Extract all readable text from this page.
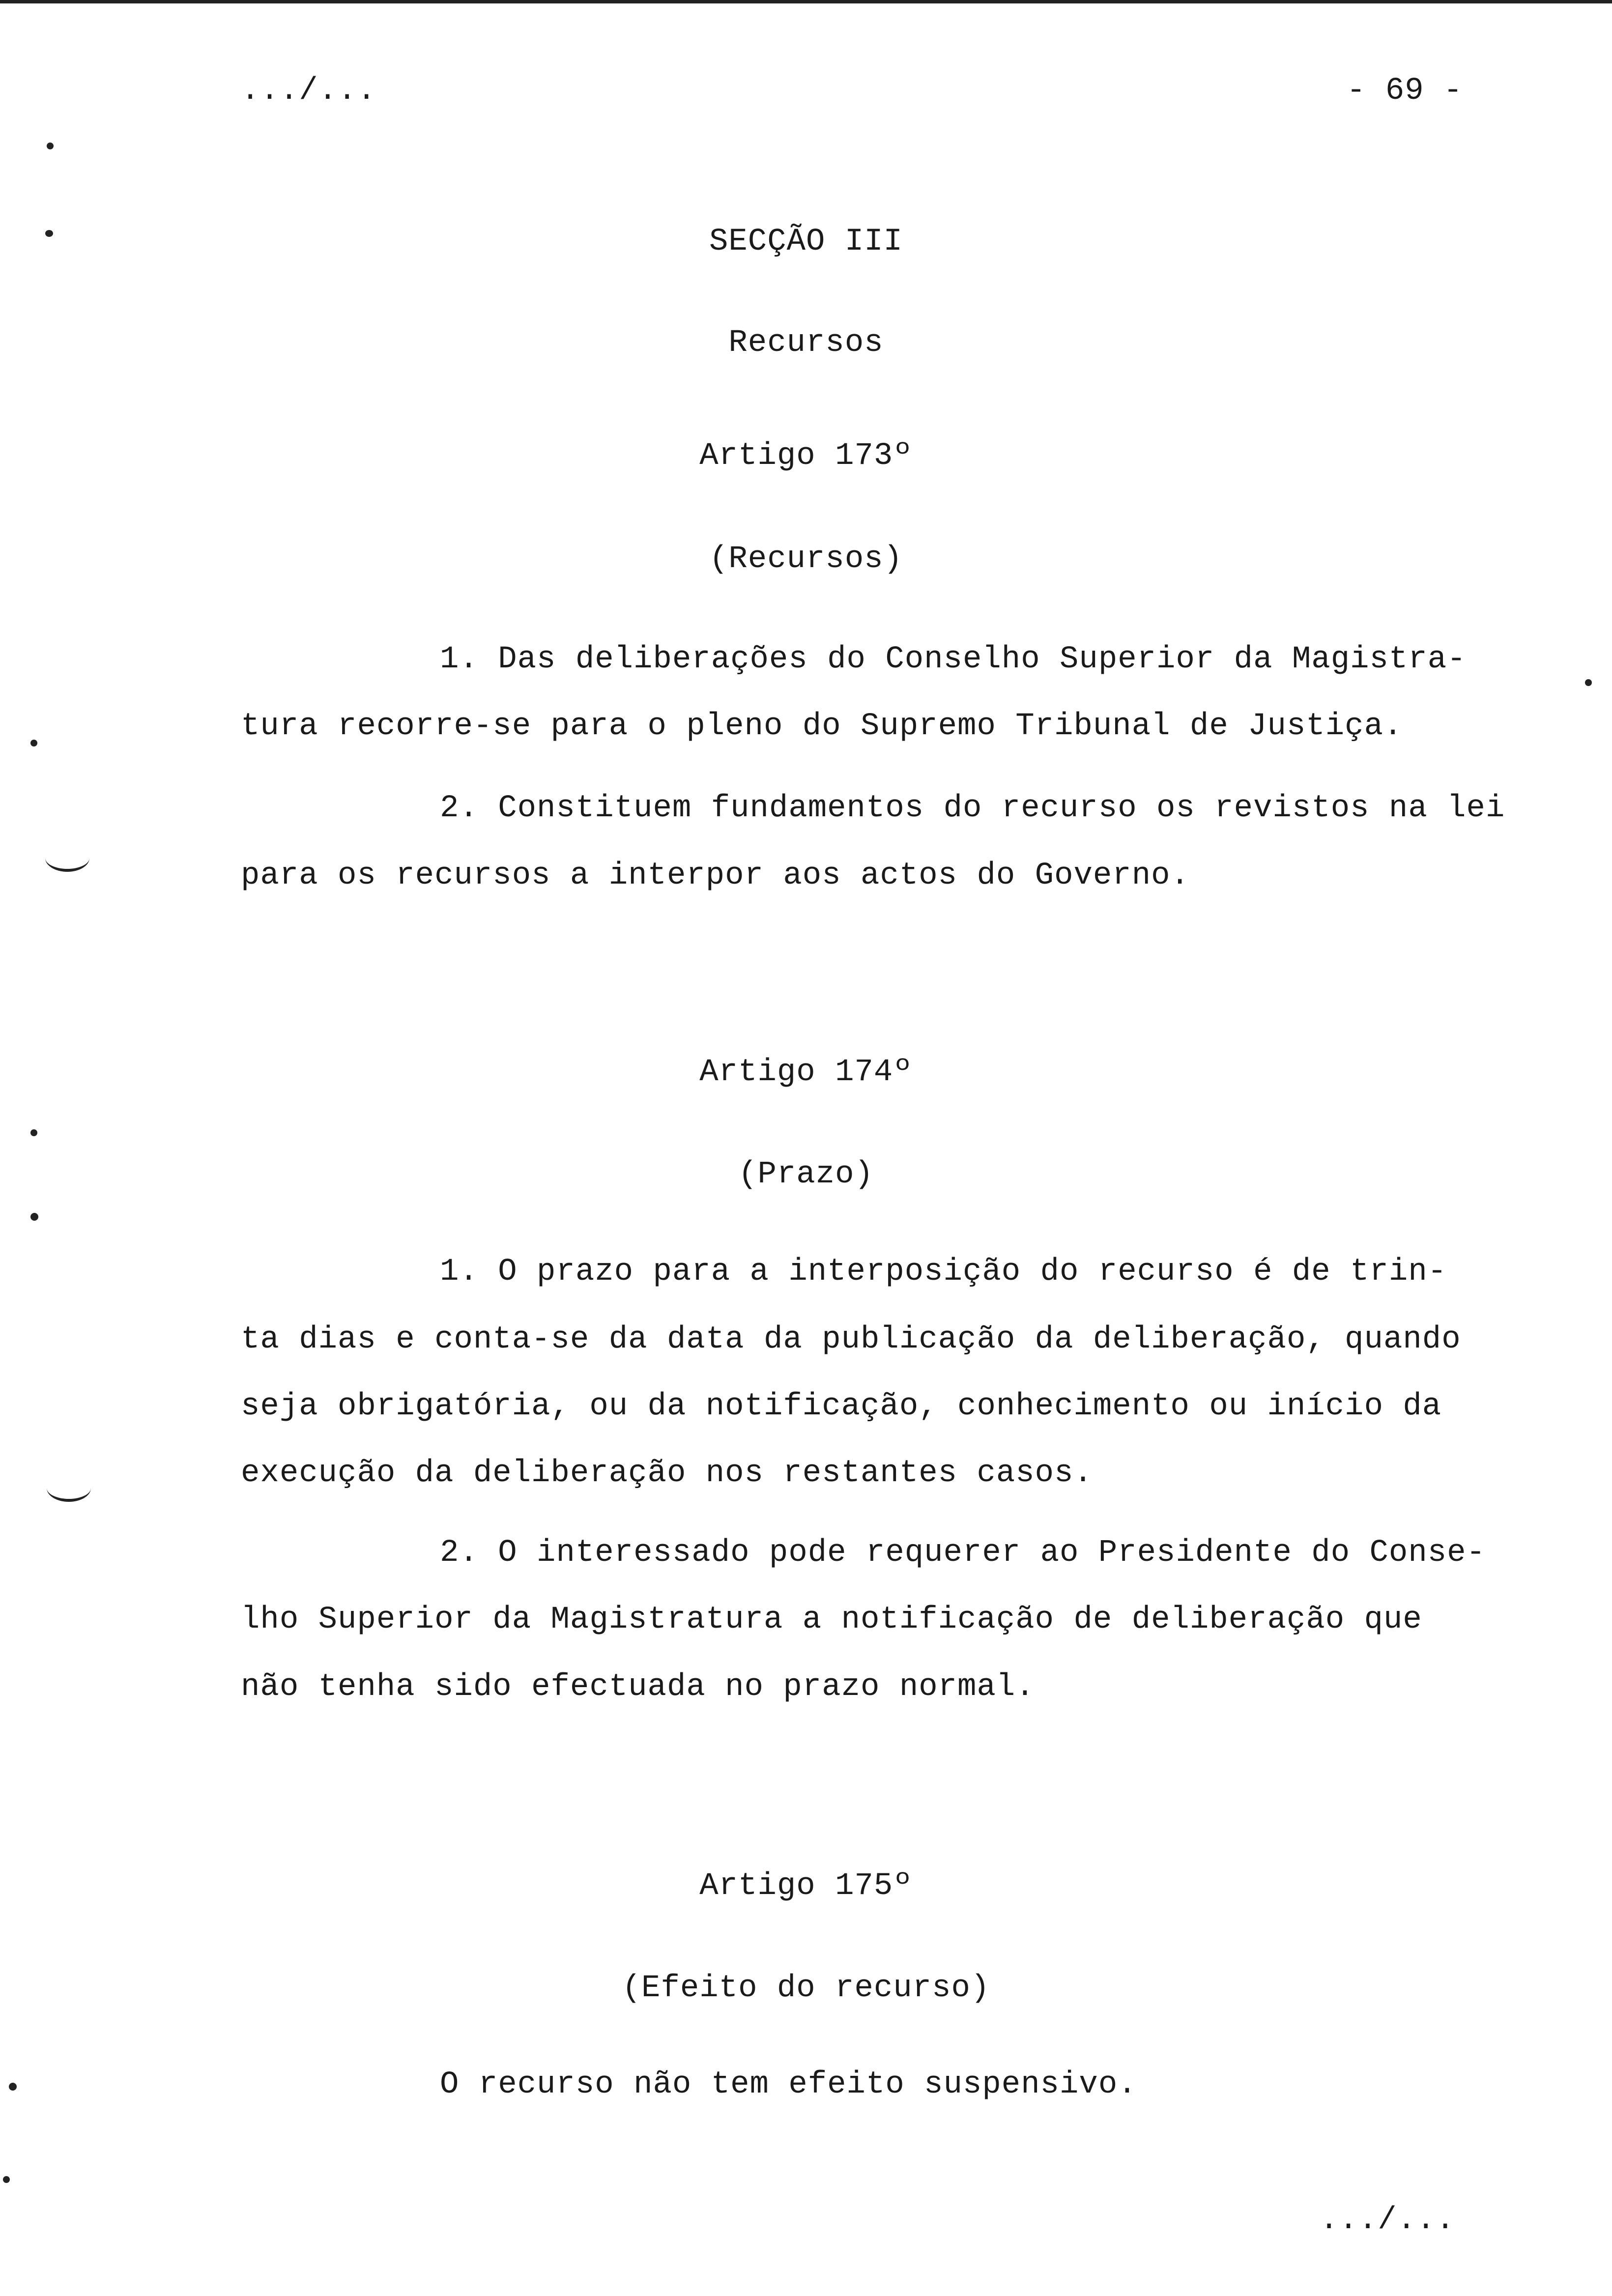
.../...	- 69 -
SECÇÃO III
Recursos
Artigo 173º
(Recursos)
1. Das deliberações do Conselho Superior da Magistra-
tura recorre-se para o pleno do Supremo Tribunal de Justiça.
2. Constituem fundamentos do recurso os revistos na lei
para os recursos a interpor aos actos do Governo.
Artigo 174º
(Prazo)
1. O prazo para a interposição do recurso é de trin-
ta dias e conta-se da data da publicação da deliberação, quando
seja obrigatória, ou da notificação, conhecimento ou início da
execução da deliberação nos restantes casos.
2. O interessado pode requerer ao Presidente do Conse-
lho Superior da Magistratura a notificação de deliberação que
não tenha sido efectuada no prazo normal.
Artigo 175º
(Efeito do recurso)
O recurso não tem efeito suspensivo.
.../...
